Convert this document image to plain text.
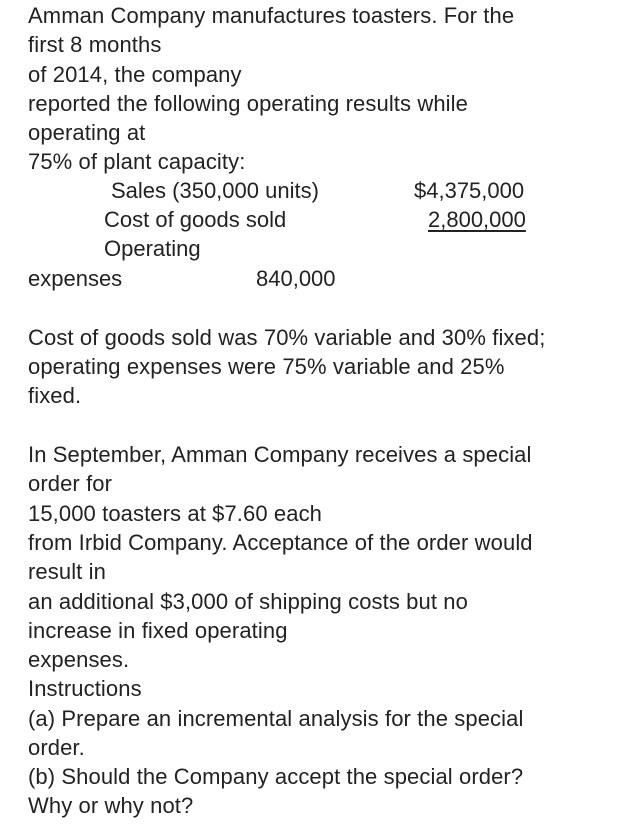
Amman Company manufactures toasters. For the
first 8 months
of 2014, the company
reported the following operating results while
operating at
75% of plant capacity:
Sales (350,000 units)	$4,375,000
Cost of goods sold	2,800,000
Operating
expenses	840,000
Cost of goods sold was 70% variable and 30% fixed;
operating expenses were 75% variable and 25%
fixed.
In September, Amman Company receives a special
order for
15,000 toasters at $7.60 each
from Irbid Company. Acceptance of the order would
result in
an additional $3,000 of shipping costs but no
increase in fixed operating
expenses.
Instructions
(a) Prepare an incremental analysis for the special
order.
(b) Should the Company accept the special order?
Why or why not?
